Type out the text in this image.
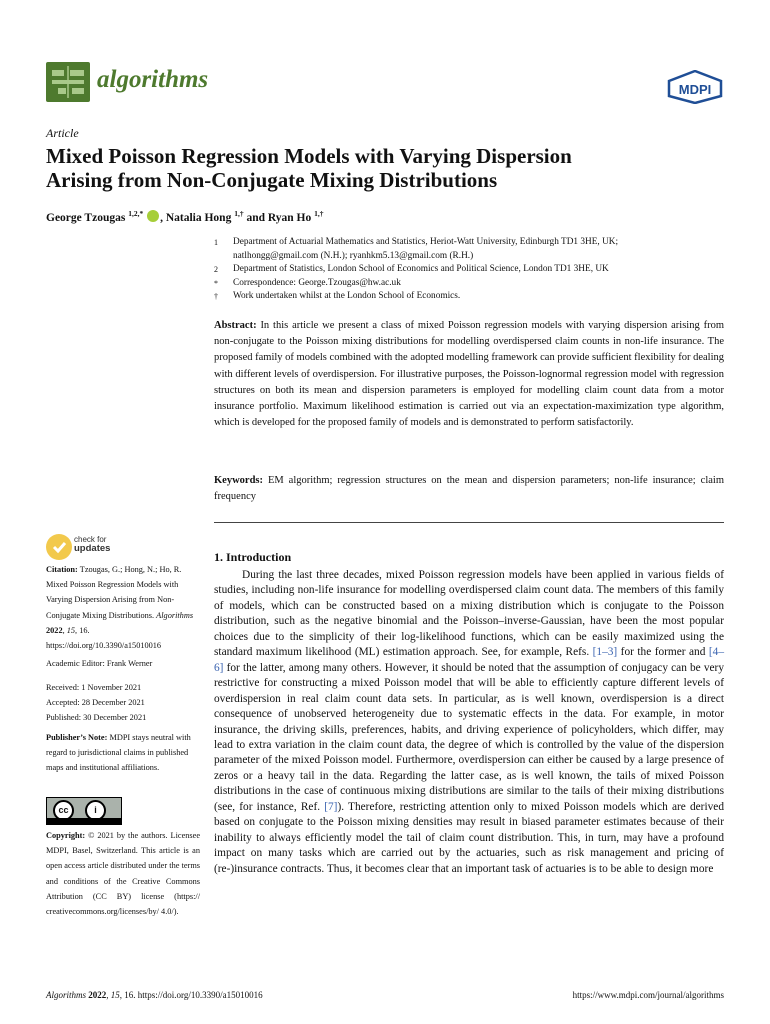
algorithms	MDPI
Article
Mixed Poisson Regression Models with Varying Dispersion
Arising from Non-Conjugate Mixing Distributions
George Tzougas $^{1,2,*}$ , Natalia Hong $^{1,\dagger}$ and Ryan Ho $^{1,\dagger}$
1 Department of Actuarial Mathematics and Statistics, Heriot-Watt University, Edinburgh TD1 3HE, UK;
natlhongg@gmail.com (N.H.); ryanhkm5.13@gmail.com (R.H.)
2 Department of Statistics, London School of Economics and Political Science, London TD1 3HE, UK
* Correspondence: George.Tzougas@hw.ac.uk
† Work undertaken whilst at the London School of Economics.
Abstract: In this article we present a class of mixed Poisson regression models with varying dispersion arising from non-conjugate to the Poisson mixing distributions for modelling overdispersed claim counts in non-life insurance. The proposed family of models combined with the adopted modelling framework can provide sufficient flexibility for dealing with different levels of overdispersion. For illustrative purposes, the Poisson-lognormal regression model with regression structures on both its mean and dispersion parameters is employed for modelling claim count data from a motor insurance portfolio. Maximum likelihood estimation is carried out via an expectation-maximization type algorithm, which is developed for the proposed family of models and is demonstrated to perform satisfactorily.
Keywords: EM algorithm; regression structures on the mean and dispersion parameters; non-life insurance; claim frequency
check for
updates
Citation: Tzougas, G.; Hong, N.; Ho, R. Mixed Poisson Regression Models with Varying Dispersion Arising from Non-Conjugate Mixing Distributions. Algorithms 2022, 15, 16. https://doi.org/10.3390/a15010016
Academic Editor: Frank Werner
Received: 1 November 2021
Accepted: 28 December 2021
Published: 30 December 2021
Publisher’s Note: MDPI stays neutral with regard to jurisdictional claims in published maps and institutional affiliations.
cc	i
Copyright: © 2021 by the authors. Licensee MDPI, Basel, Switzerland. This article is an open access article distributed under the terms and conditions of the Creative Commons Attribution (CC BY) license (https:// creativecommons.org/licenses/by/ 4.0/).
1. Introduction

During the last three decades, mixed Poisson regression models have been applied in various fields of studies, including non-life insurance for modelling overdispersed claim count data. The members of this family of models, which can be constructed based on a mixing distribution which is conjugate to the Poisson distribution, such as the negative binomial and the Poisson–inverse-Gaussian, have been the most popular choices due to the simplicity of their log-likelihood functions, which can be easily maximized using the standard maximum likelihood (ML) estimation approach. See, for example, Refs. [1–3] for the former and [4–6] for the latter, among many others. However, it should be noted that the assumption of conjugacy can be very restrictive for constructing a mixed Poisson model that will be able to efficiently capture different levels of overdispersion in real claim count data sets. In particular, as is well known, overdispersion is a direct consequence of unobserved heterogeneity due to systematic effects in the data. For example, in motor insurance, the driving skills, preferences, habits, and driving experience of policyholders, which differ, may lead to extra variation in the claim count data, the degree of which is controlled by the value of the dispersion parameter of the mixed Poisson model. Furthermore, overdispersion can either be caused by a large presence of zeros or a heavy tail in the data. Regarding the latter case, as is well known, the tails of mixed Poisson distributions in the case of continuous mixing distributions are similar to the tails of their mixing distributions (see, for instance, Ref. [7]). Therefore, restricting attention only to mixed Poisson models which are derived based on conjugate to the Poisson mixing densities may result in biased parameter estimates because of their inability to always efficiently model the tail of claim count distribution. This, in turn, may have a profound impact on many tasks which are carried out by the actuaries, such as risk management and pricing of (re-)insurance contracts. Thus, it becomes clear that an important task of actuaries is to be able to design more

Algorithms 2022, 15, 16. https://doi.org/10.3390/a15010016	https://www.mdpi.com/journal/algorithms
